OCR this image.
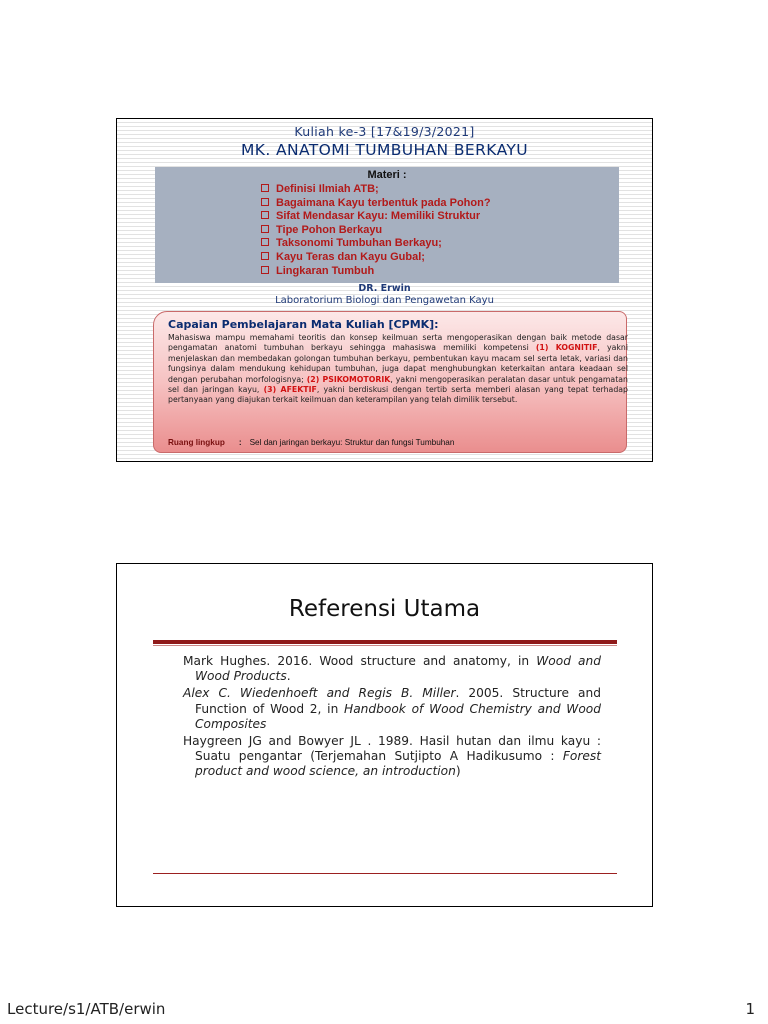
Kuliah ke-3 [17&19/3/2021]
MK. ANATOMI TUMBUHAN BERKAYU
Materi :
Definisi Ilmiah ATB;
Bagaimana Kayu terbentuk pada Pohon?
Sifat Mendasar Kayu: Memiliki Struktur
Tipe Pohon Berkayu
Taksonomi Tumbuhan Berkayu;
Kayu Teras dan Kayu Gubal;
Lingkaran Tumbuh
DR. Erwin
Laboratorium Biologi dan Pengawetan Kayu
Capaian Pembelajaran Mata Kuliah [CPMK]:
Mahasiswa mampu memahami teoritis dan konsep keilmuan serta mengoperasikan dengan baik metode dasar pengamatan anatomi tumbuhan berkayu sehingga mahasiswa memiliki kompetensi (1) KOGNITIF, yakni menjelaskan dan membedakan golongan tumbuhan berkayu, pembentukan kayu macam sel serta letak, variasi dan fungsinya dalam mendukung kehidupan tumbuhan, juga dapat menghubungkan keterkaitan antara keadaan sel dengan perubahan morfologisnya; (2) PSIKOMOTORIK, yakni mengoperasikan peralatan dasar untuk pengamatan sel dan jaringan kayu, (3) AFEKTIF, yakni berdiskusi dengan tertib serta memberi alasan yang tepat terhadap pertanyaan yang diajukan terkait keilmuan dan keterampilan yang telah dimilik tersebut.
Ruang lingkup : Sel dan jaringan berkayu: Struktur dan fungsi Tumbuhan
Referensi Utama

Mark Hughes. 2016. Wood structure and anatomy, in Wood and Wood Products.

Alex C. Wiedenhoeft and Regis B. Miller. 2005. Structure and Function of Wood 2, in Handbook of Wood Chemistry and Wood Composites

Haygreen JG and Bowyer JL . 1989. Hasil hutan dan ilmu kayu : Suatu pengantar (Terjemahan Sutjipto A Hadikusumo : Forest product and wood science, an introduction)

Lecture/s1/ATB/erwin	1
